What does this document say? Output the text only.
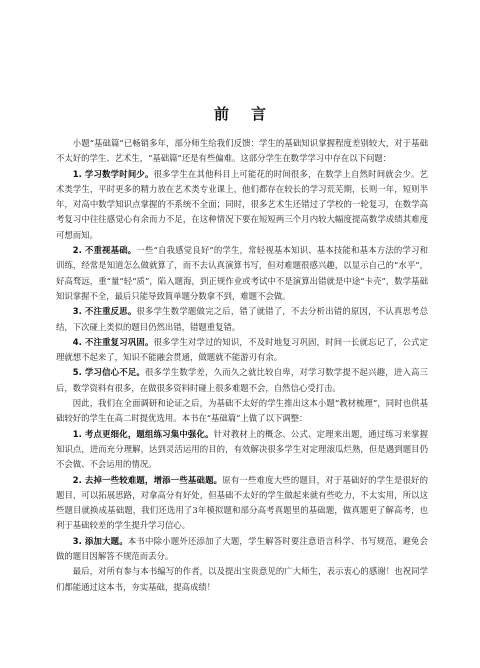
前言

小题“基础篇”已畅销多年，部分师生给我们反馈：学生的基础知识掌握程度差别较大，对于基础不太好的学生、艺术生，“基础篇”还是有些偏难。这部分学生在数学学习中存在以下问题：

1. 学习数学时间少。很多学生在其他科目上可能花的时间很多，在数学上自然时间就会少。艺术类学生，平时更多的精力放在艺术类专业课上，他们都存在较长的学习荒芜期，长则一年，短则半年，对高中数学知识点掌握的不系统不全面；同时，很多艺术生还错过了学校的一轮复习，在数学高考复习中往往感觉心有余而力不足，在这种情况下要在短短两三个月内较大幅度提高数学成绩其难度可想而知。

2. 不重视基础。一些“自我感觉良好”的学生，常轻视基本知识、基本技能和基本方法的学习和训练，经常是知道怎么做就算了，而不去认真演算书写，但对难题很感兴趣，以显示自己的“水平”，好高骛远，重“量”轻“质”，陷入题海，到正规作业或考试中不是演算出错就是中途“卡壳”，数学基础知识掌握不全，最后只能导致简单题分数拿不到，难题不会做。

3. 不注重反思。很多学生数学题做完之后，错了就错了，不去分析出错的原因，不认真思考总结，下次碰上类似的题目仍然出错，错题重复错。

4. 不注重复习巩固。很多学生对学过的知识，不及时地复习巩固，时间一长就忘记了，公式定理就想不起来了，知识不能融会贯通，做题就不能游刃有余。

5. 学习信心不足。很多学生数学差，久而久之就比较自卑，对学习数学提不起兴趣，进入高三后，数学资料有很多，在做很多资料时碰上很多难题不会，自然信心受打击。

因此，我们在全面调研和论证之后，为基础不太好的学生推出这本小题“教材梳理”，同时也供基础较好的学生在高二时提优选用。本书在“基础篇”上做了以下调整：

1. 考点更细化，题组练习集中强化。针对教材上的概念、公式、定理来出题，通过练习来掌握知识点，进而充分理解，达到灵活运用的目的，有效解决很多学生对定理滚瓜烂熟，但是遇到题目仍不会做、不会运用的情况。

2. 去掉一些较难题，增添一些基础题。原有一些难度大些的题目，对于基础好的学生是很好的题目，可以拓展思路，对拿高分有好处，但基础不太好的学生做起来就有些吃力，不太实用，所以这些题目就换成基础题，我们还选用了3年模拟题和部分高考真题里的基础题，做真题更了解高考，也利于基础较差的学生提升学习信心。

3. 添加大题。本书中除小题外还添加了大题，学生解答时要注意语言科学、书写规范，避免会做的题目因解答不规范而丢分。

最后，对所有参与本书编写的作者，以及提出宝贵意见的广大师生，表示衷心的感谢！也祝同学们都能通过这本书，夯实基础，提高成绩！
